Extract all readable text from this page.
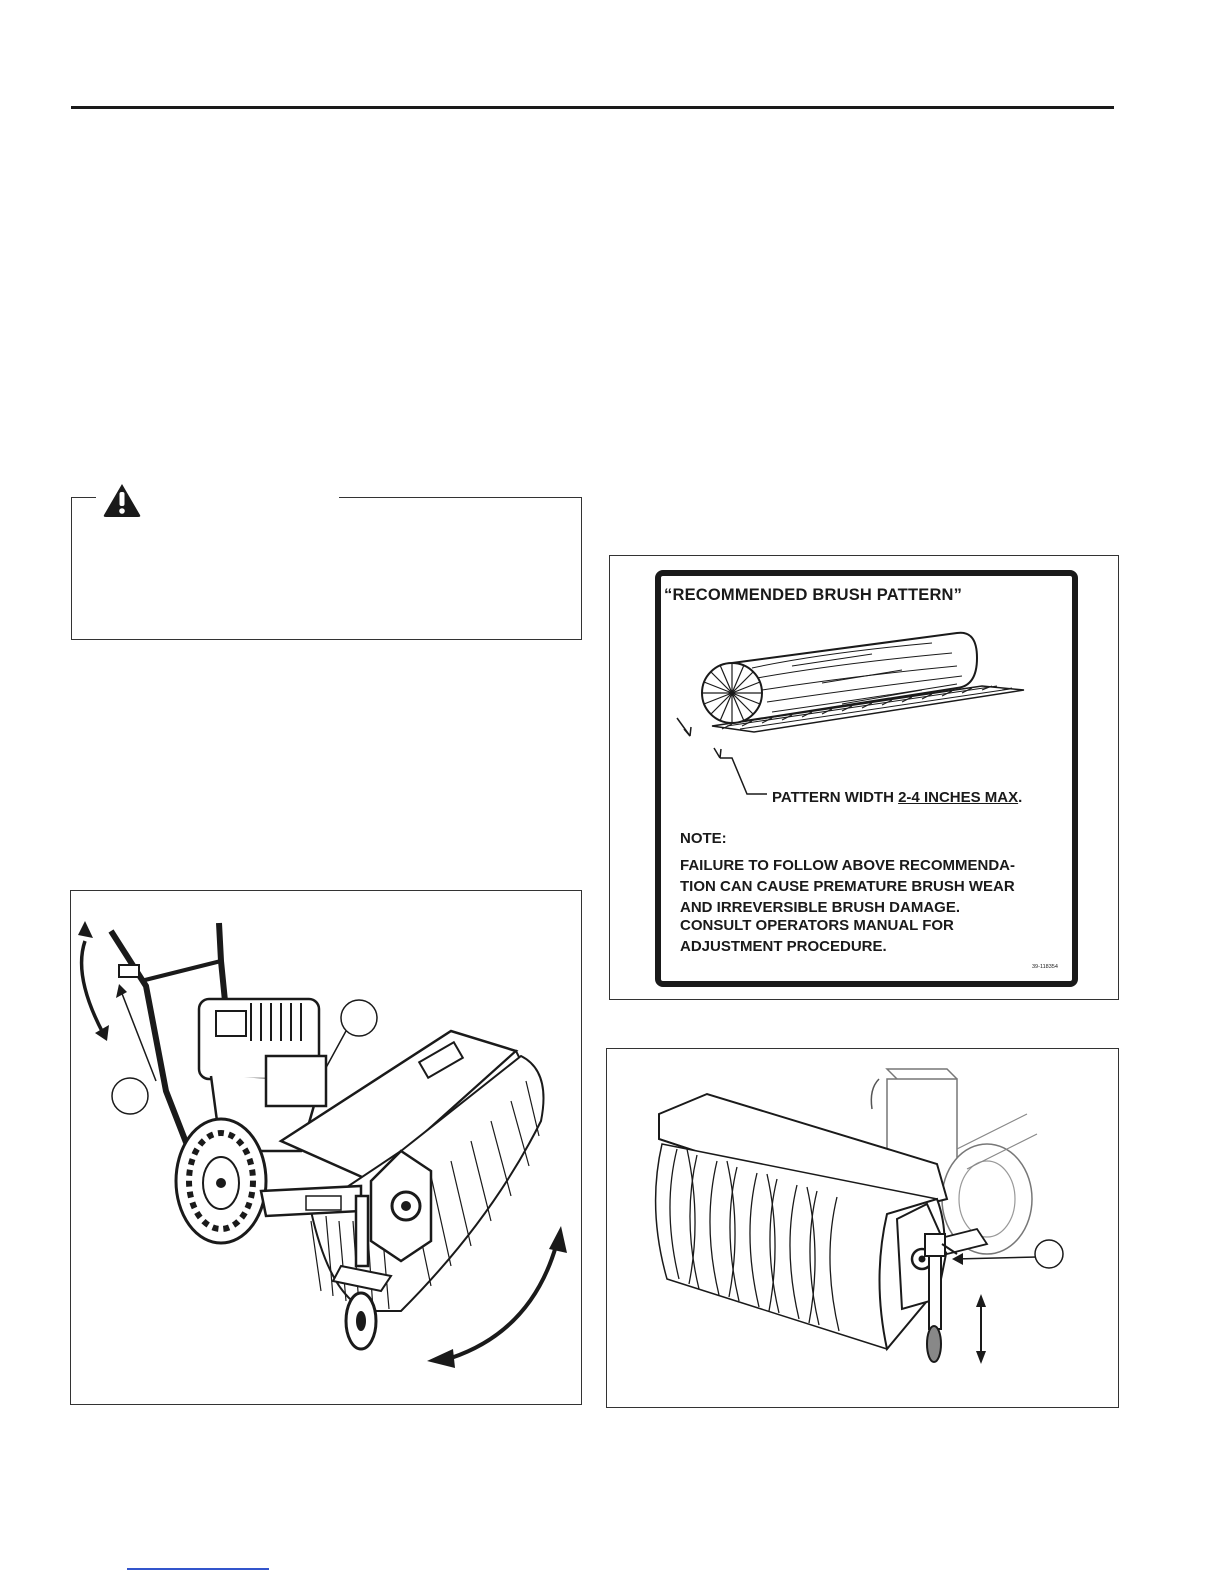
“RECOMMENDED BRUSH PATTERN”
PATTERN WIDTH 2-4 INCHES MAX.
NOTE:
FAILURE TO FOLLOW ABOVE RECOMMENDA-
TION CAN CAUSE PREMATURE BRUSH WEAR
AND IRREVERSIBLE BRUSH DAMAGE.
CONSULT OPERATORS MANUAL FOR
ADJUSTMENT PROCEDURE.
39-118354
